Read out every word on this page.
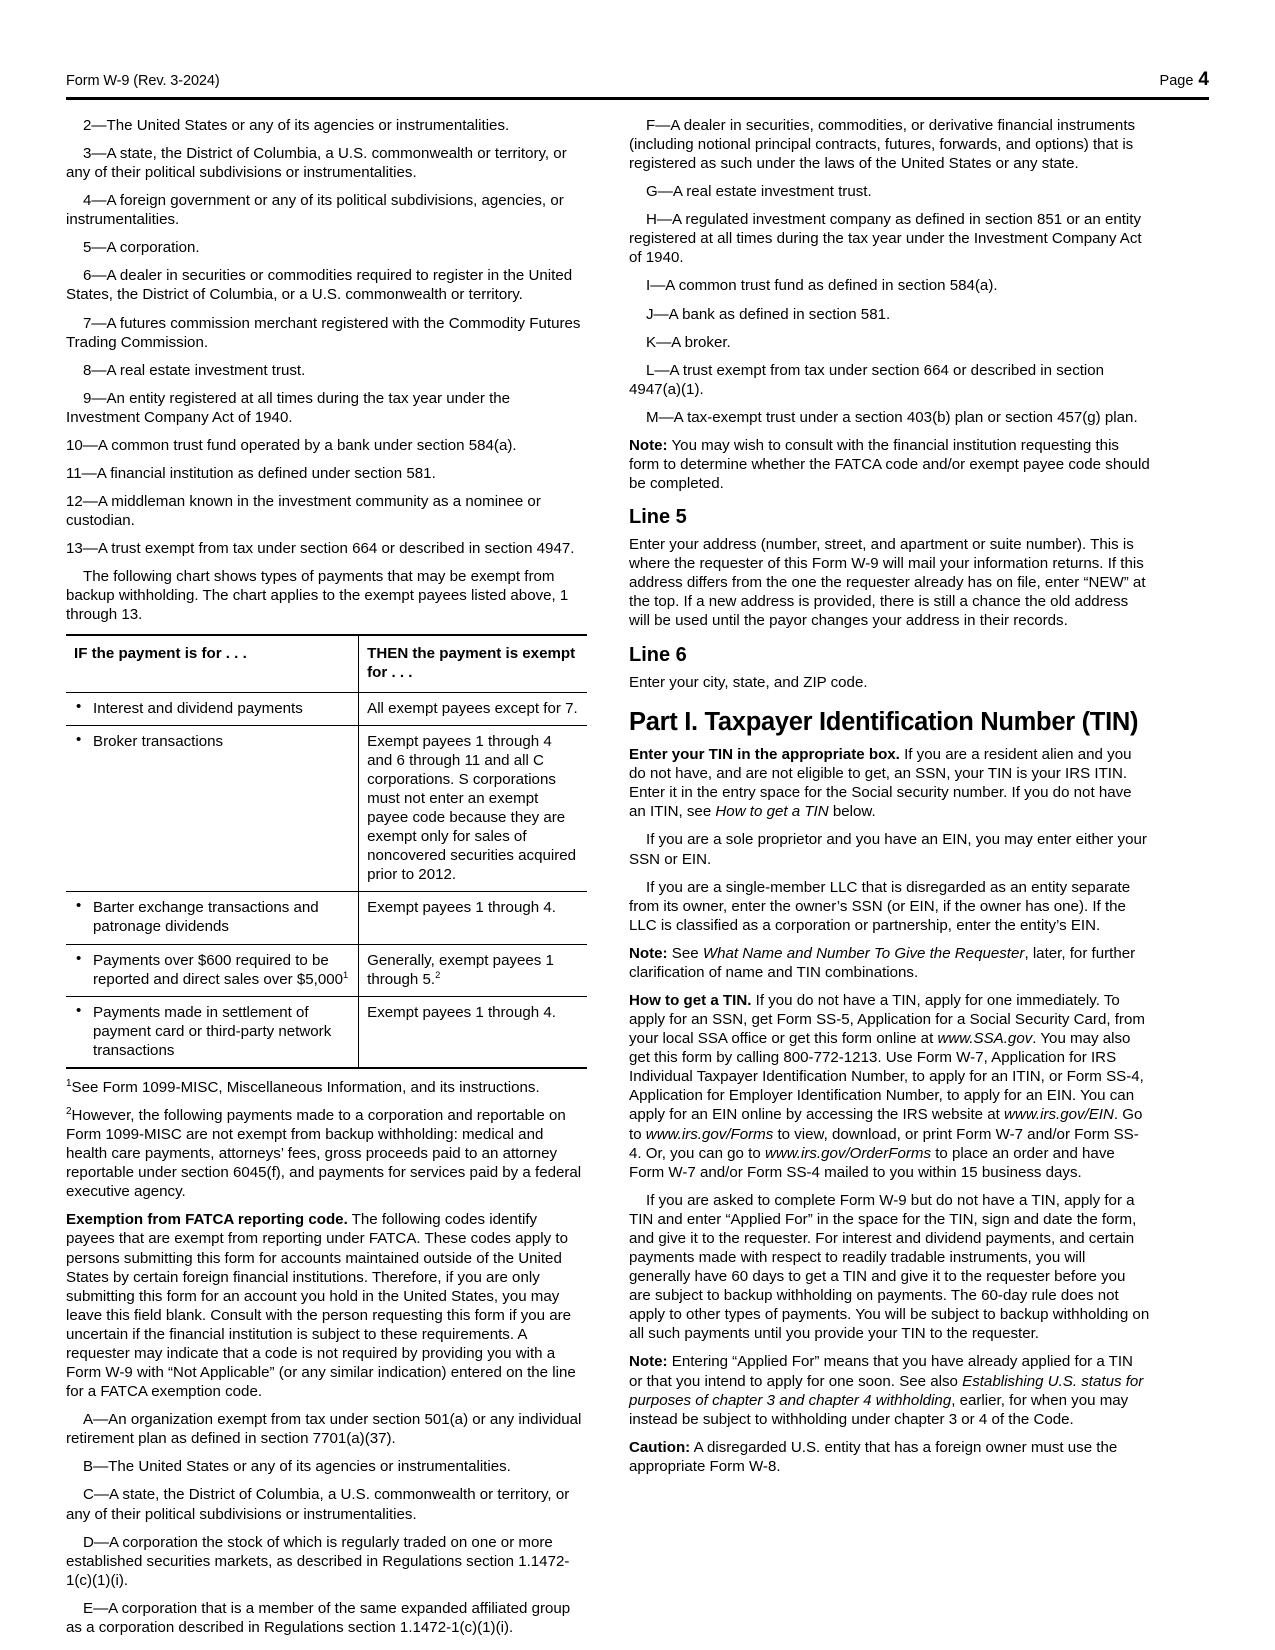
Form W-9 (Rev. 3-2024)	Page 4

2—The United States or any of its agencies or instrumentalities.

3—A state, the District of Columbia, a U.S. commonwealth or territory, or any of their political subdivisions or instrumentalities.

4—A foreign government or any of its political subdivisions, agencies, or instrumentalities.

5—A corporation.

6—A dealer in securities or commodities required to register in the United States, the District of Columbia, or a U.S. commonwealth or territory.

7—A futures commission merchant registered with the Commodity Futures Trading Commission.

8—A real estate investment trust.

9—An entity registered at all times during the tax year under the Investment Company Act of 1940.

10—A common trust fund operated by a bank under section 584(a).

11—A financial institution as defined under section 581.

12—A middleman known in the investment community as a nominee or custodian.

13—A trust exempt from tax under section 664 or described in section 4947.

The following chart shows types of payments that may be exempt from backup withholding. The chart applies to the exempt payees listed above, 1 through 13.

IF the payment is for . . .	THEN the payment is exempt for . . .

• Interest and dividend payments	All exempt payees except for 7.

• Broker transactions	Exempt payees 1 through 4 and 6 through 11 and all C corporations. S corporations must not enter an exempt payee code because they are exempt only for sales of noncovered securities acquired prior to 2012.

• Barter exchange transactions and patronage dividends	Exempt payees 1 through 4.

• Payments over $600 required to be reported and direct sales over $5,000$^1$	Generally, exempt payees 1 through 5.$^2$

• Payments made in settlement of payment card or third-party network transactions	Exempt payees 1 through 4.

$^1$See Form 1099-MISC, Miscellaneous Information, and its instructions.

$^2$However, the following payments made to a corporation and reportable on Form 1099-MISC are not exempt from backup withholding: medical and health care payments, attorneys’ fees, gross proceeds paid to an attorney reportable under section 6045(f), and payments for services paid by a federal executive agency.

Exemption from FATCA reporting code. The following codes identify payees that are exempt from reporting under FATCA. These codes apply to persons submitting this form for accounts maintained outside of the United States by certain foreign financial institutions. Therefore, if you are only submitting this form for an account you hold in the United States, you may leave this field blank. Consult with the person requesting this form if you are uncertain if the financial institution is subject to these requirements. A requester may indicate that a code is not required by providing you with a Form W-9 with “Not Applicable” (or any similar indication) entered on the line for a FATCA exemption code.

A—An organization exempt from tax under section 501(a) or any individual retirement plan as defined in section 7701(a)(37).

B—The United States or any of its agencies or instrumentalities.

C—A state, the District of Columbia, a U.S. commonwealth or territory, or any of their political subdivisions or instrumentalities.

D—A corporation the stock of which is regularly traded on one or more established securities markets, as described in Regulations section 1.1472-1(c)(1)(i).

E—A corporation that is a member of the same expanded affiliated group as a corporation described in Regulations section 1.1472-1(c)(1)(i).

F—A dealer in securities, commodities, or derivative financial instruments (including notional principal contracts, futures, forwards, and options) that is registered as such under the laws of the United States or any state.

G—A real estate investment trust.

H—A regulated investment company as defined in section 851 or an entity registered at all times during the tax year under the Investment Company Act of 1940.

I—A common trust fund as defined in section 584(a).

J—A bank as defined in section 581.

K—A broker.

L—A trust exempt from tax under section 664 or described in section 4947(a)(1).

M—A tax-exempt trust under a section 403(b) plan or section 457(g) plan.

Note: You may wish to consult with the financial institution requesting this form to determine whether the FATCA code and/or exempt payee code should be completed.

Line 5

Enter your address (number, street, and apartment or suite number). This is where the requester of this Form W-9 will mail your information returns. If this address differs from the one the requester already has on file, enter “NEW” at the top. If a new address is provided, there is still a chance the old address will be used until the payor changes your address in their records.

Line 6

Enter your city, state, and ZIP code.

Part I. Taxpayer Identification Number (TIN)

Enter your TIN in the appropriate box. If you are a resident alien and you do not have, and are not eligible to get, an SSN, your TIN is your IRS ITIN. Enter it in the entry space for the Social security number. If you do not have an ITIN, see How to get a TIN below.

If you are a sole proprietor and you have an EIN, you may enter either your SSN or EIN.

If you are a single-member LLC that is disregarded as an entity separate from its owner, enter the owner’s SSN (or EIN, if the owner has one). If the LLC is classified as a corporation or partnership, enter the entity’s EIN.

Note: See What Name and Number To Give the Requester, later, for further clarification of name and TIN combinations.

How to get a TIN. If you do not have a TIN, apply for one immediately. To apply for an SSN, get Form SS-5, Application for a Social Security Card, from your local SSA office or get this form online at www.SSA.gov. You may also get this form by calling 800-772-1213. Use Form W-7, Application for IRS Individual Taxpayer Identification Number, to apply for an ITIN, or Form SS-4, Application for Employer Identification Number, to apply for an EIN. You can apply for an EIN online by accessing the IRS website at www.irs.gov/EIN. Go to www.irs.gov/Forms to view, download, or print Form W-7 and/or Form SS-4. Or, you can go to www.irs.gov/OrderForms to place an order and have Form W-7 and/or Form SS-4 mailed to you within 15 business days.

If you are asked to complete Form W-9 but do not have a TIN, apply for a TIN and enter “Applied For” in the space for the TIN, sign and date the form, and give it to the requester. For interest and dividend payments, and certain payments made with respect to readily tradable instruments, you will generally have 60 days to get a TIN and give it to the requester before you are subject to backup withholding on payments. The 60-day rule does not apply to other types of payments. You will be subject to backup withholding on all such payments until you provide your TIN to the requester.

Note: Entering “Applied For” means that you have already applied for a TIN or that you intend to apply for one soon. See also Establishing U.S. status for purposes of chapter 3 and chapter 4 withholding, earlier, for when you may instead be subject to withholding under chapter 3 or 4 of the Code.

Caution: A disregarded U.S. entity that has a foreign owner must use the appropriate Form W-8.
